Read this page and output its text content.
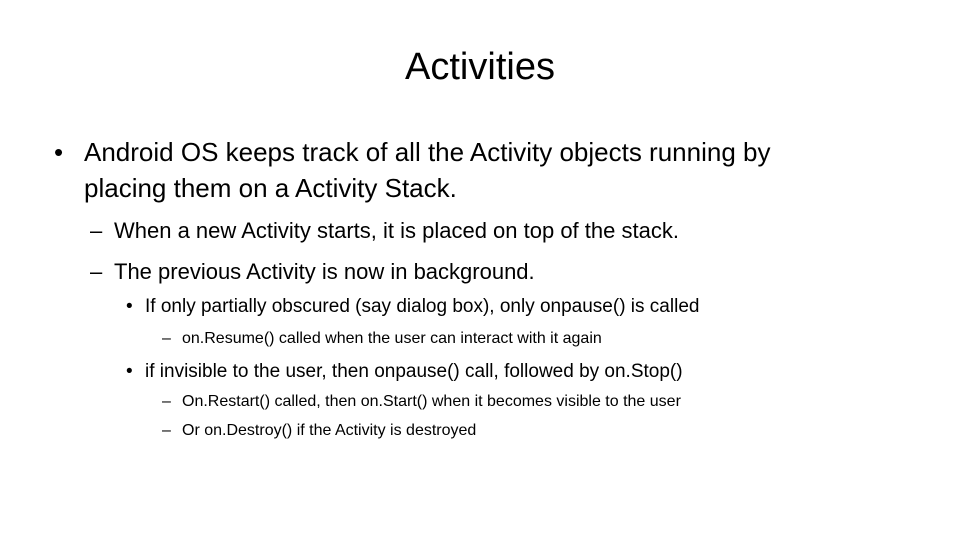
Activities
• Android OS keeps track of all the Activity objects running by
placing them on a Activity Stack.
– When a new Activity starts, it is placed on top of the stack.
– The previous Activity is now in background.
• If only partially obscured (say dialog box), only onpause() is called
– on.Resume() called when the user can interact with it again
• if invisible to the user, then onpause() call, followed by on.Stop()
– On.Restart() called, then on.Start() when it becomes visible to the user
– Or on.Destroy() if the Activity is destroyed
